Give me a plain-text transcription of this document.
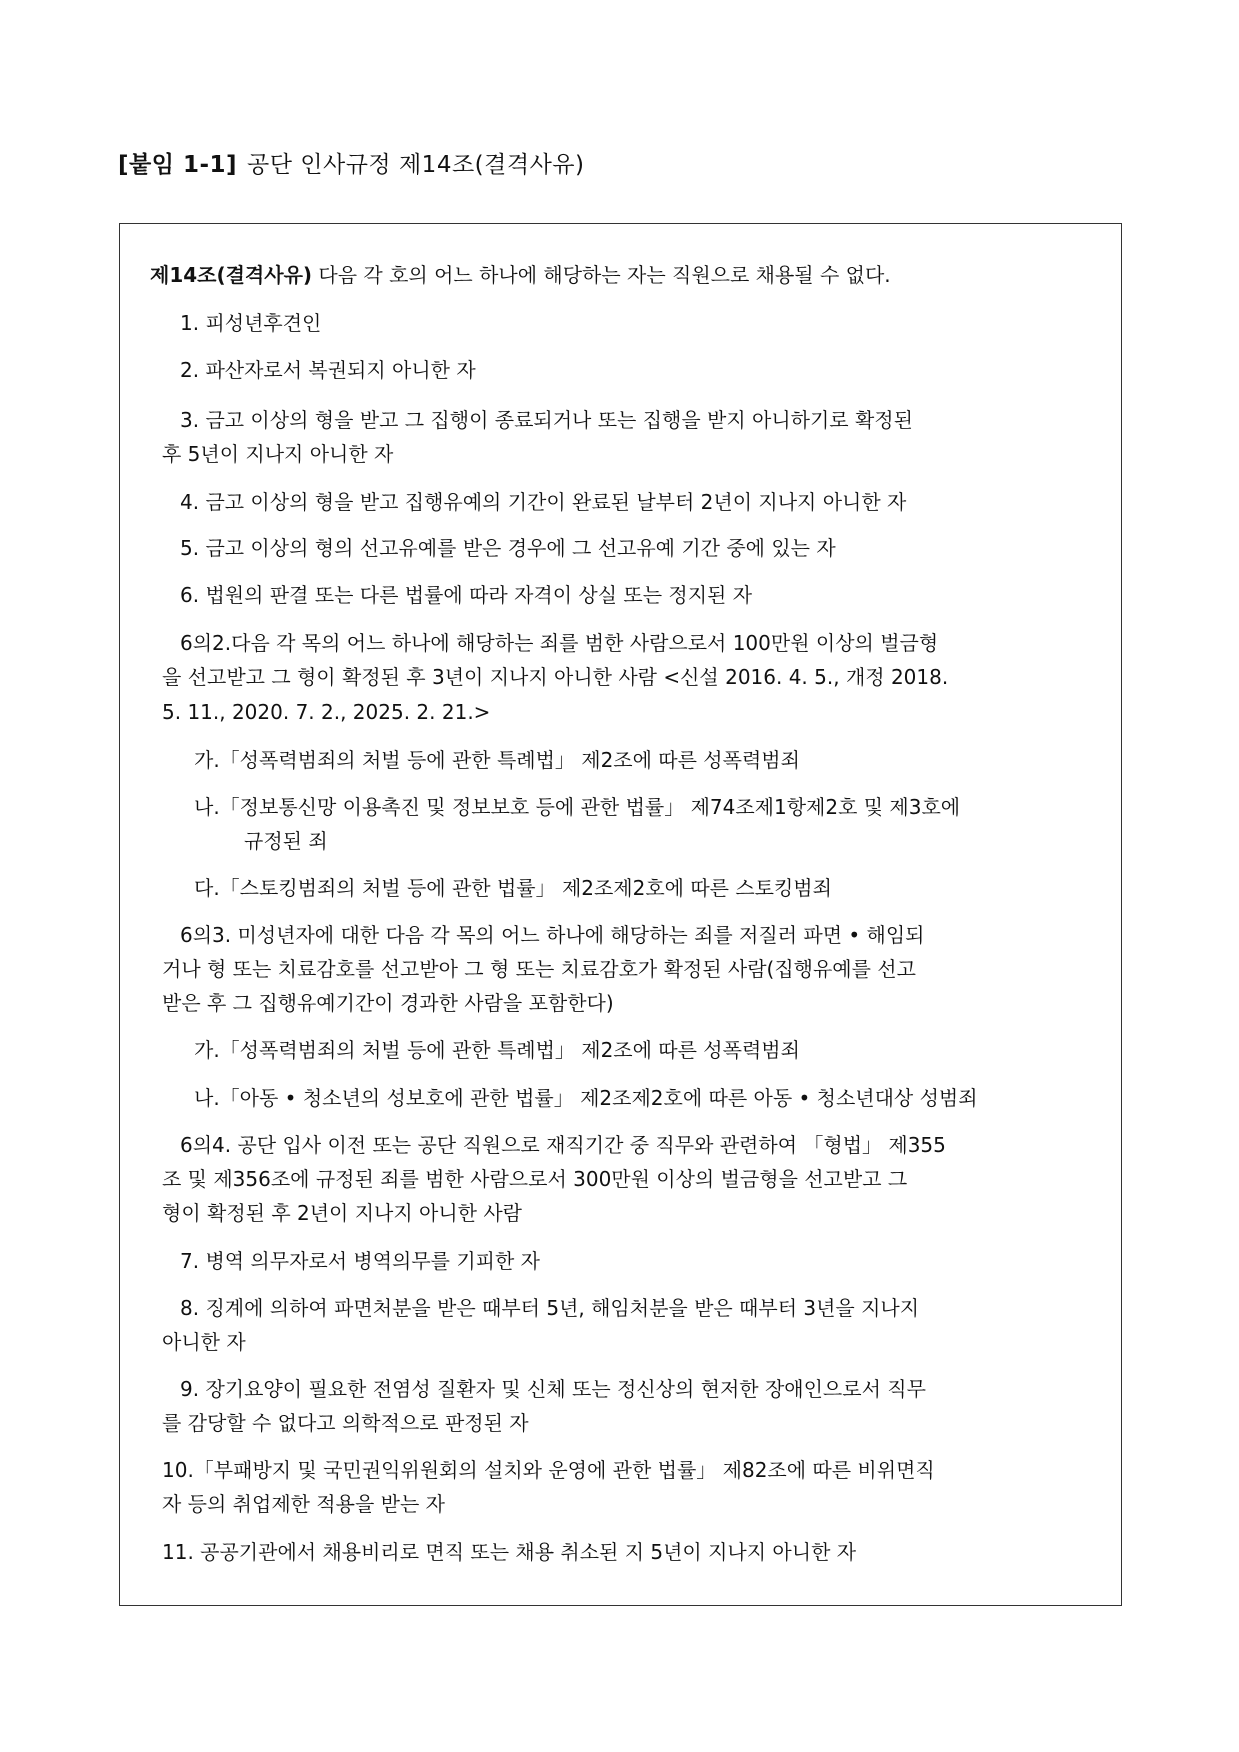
[붙임 1-1] 공단 인사규정 제14조(결격사유)
제14조(결격사유) 다음 각 호의 어느 하나에 해당하는 자는 직원으로 채용될 수 없다.
1. 피성년후견인
2. 파산자로서 복권되지 아니한 자
3. 금고 이상의 형을 받고 그 집행이 종료되거나 또는 집행을 받지 아니하기로 확정된
후 5년이 지나지 아니한 자
4. 금고 이상의 형을 받고 집행유예의 기간이 완료된 날부터 2년이 지나지 아니한 자
5. 금고 이상의 형의 선고유예를 받은 경우에 그 선고유예 기간 중에 있는 자
6. 법원의 판결 또는 다른 법률에 따라 자격이 상실 또는 정지된 자
6의2.다음 각 목의 어느 하나에 해당하는 죄를 범한 사람으로서 100만원 이상의 벌금형
을 선고받고 그 형이 확정된 후 3년이 지나지 아니한 사람 <신설 2016. 4. 5., 개정 2018.
5. 11., 2020. 7. 2., 2025. 2. 21.>
가.「성폭력범죄의 처벌 등에 관한 특례법」 제2조에 따른 성폭력범죄
나.「정보통신망 이용촉진 및 정보보호 등에 관한 법률」 제74조제1항제2호 및 제3호에
규정된 죄
다.「스토킹범죄의 처벌 등에 관한 법률」 제2조제2호에 따른 스토킹범죄
6의3. 미성년자에 대한 다음 각 목의 어느 하나에 해당하는 죄를 저질러 파면 • 해임되
거나 형 또는 치료감호를 선고받아 그 형 또는 치료감호가 확정된 사람(집행유예를 선고
받은 후 그 집행유예기간이 경과한 사람을 포함한다)
가.「성폭력범죄의 처벌 등에 관한 특례법」 제2조에 따른 성폭력범죄
나.「아동 • 청소년의 성보호에 관한 법률」 제2조제2호에 따른 아동 • 청소년대상 성범죄
6의4. 공단 입사 이전 또는 공단 직원으로 재직기간 중 직무와 관련하여 「형법」 제355
조 및 제356조에 규정된 죄를 범한 사람으로서 300만원 이상의 벌금형을 선고받고 그
형이 확정된 후 2년이 지나지 아니한 사람
7. 병역 의무자로서 병역의무를 기피한 자
8. 징계에 의하여 파면처분을 받은 때부터 5년, 해임처분을 받은 때부터 3년을 지나지
아니한 자
9. 장기요양이 필요한 전염성 질환자 및 신체 또는 정신상의 현저한 장애인으로서 직무
를 감당할 수 없다고 의학적으로 판정된 자
10.「부패방지 및 국민권익위원회의 설치와 운영에 관한 법률」 제82조에 따른 비위면직
자 등의 취업제한 적용을 받는 자
11. 공공기관에서 채용비리로 면직 또는 채용 취소된 지 5년이 지나지 아니한 자
